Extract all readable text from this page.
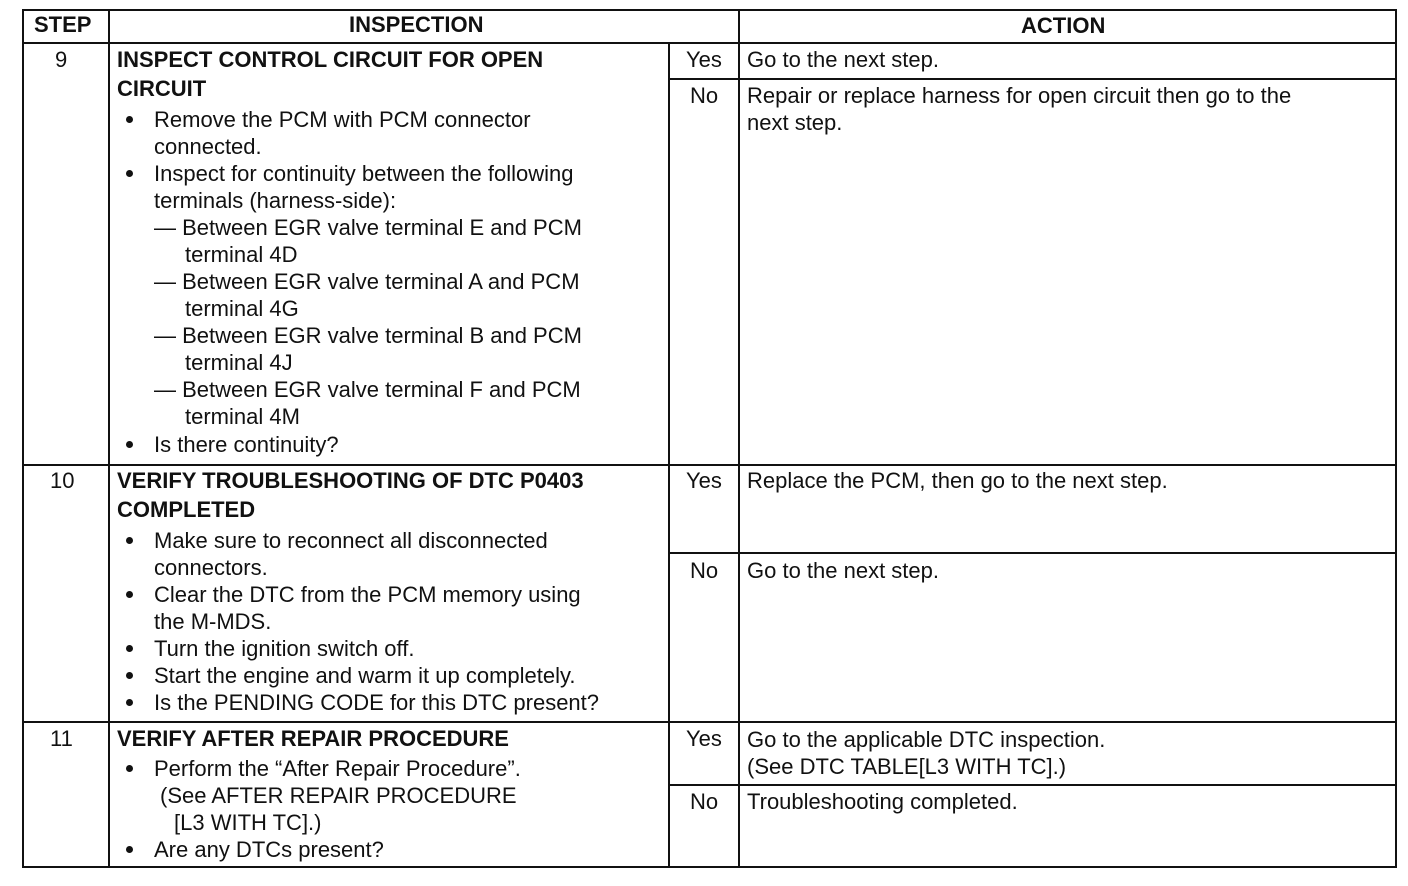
STEP	INSPECTION	ACTION
9 INSPECT CONTROL CIRCUIT FOR OPEN
CIRCUIT
Remove the PCM with PCM connector
connected.
Inspect for continuity between the following
terminals (harness-side):
— Between EGR valve terminal E and PCM
terminal 4D
— Between EGR valve terminal A and PCM
terminal 4G
— Between EGR valve terminal B and PCM
terminal 4J
— Between EGR valve terminal F and PCM
terminal 4M
Is there continuity?
Yes Go to the next step.
No Repair or replace harness for open circuit then go to the
next step.
10 VERIFY TROUBLESHOOTING OF DTC P0403
COMPLETED
Make sure to reconnect all disconnected
connectors.
Clear the DTC from the PCM memory using
the M-MDS.
Turn the ignition switch off.
Start the engine and warm it up completely.
Is the PENDING CODE for this DTC present?
Yes Replace the PCM, then go to the next step.
No Go to the next step.
11 VERIFY AFTER REPAIR PROCEDURE
Perform the “After Repair Procedure”.
(See AFTER REPAIR PROCEDURE
[L3 WITH TC].)
Are any DTCs present?
Yes Go to the applicable DTC inspection.
(See DTC TABLE[L3 WITH TC].)
No Troubleshooting completed.
